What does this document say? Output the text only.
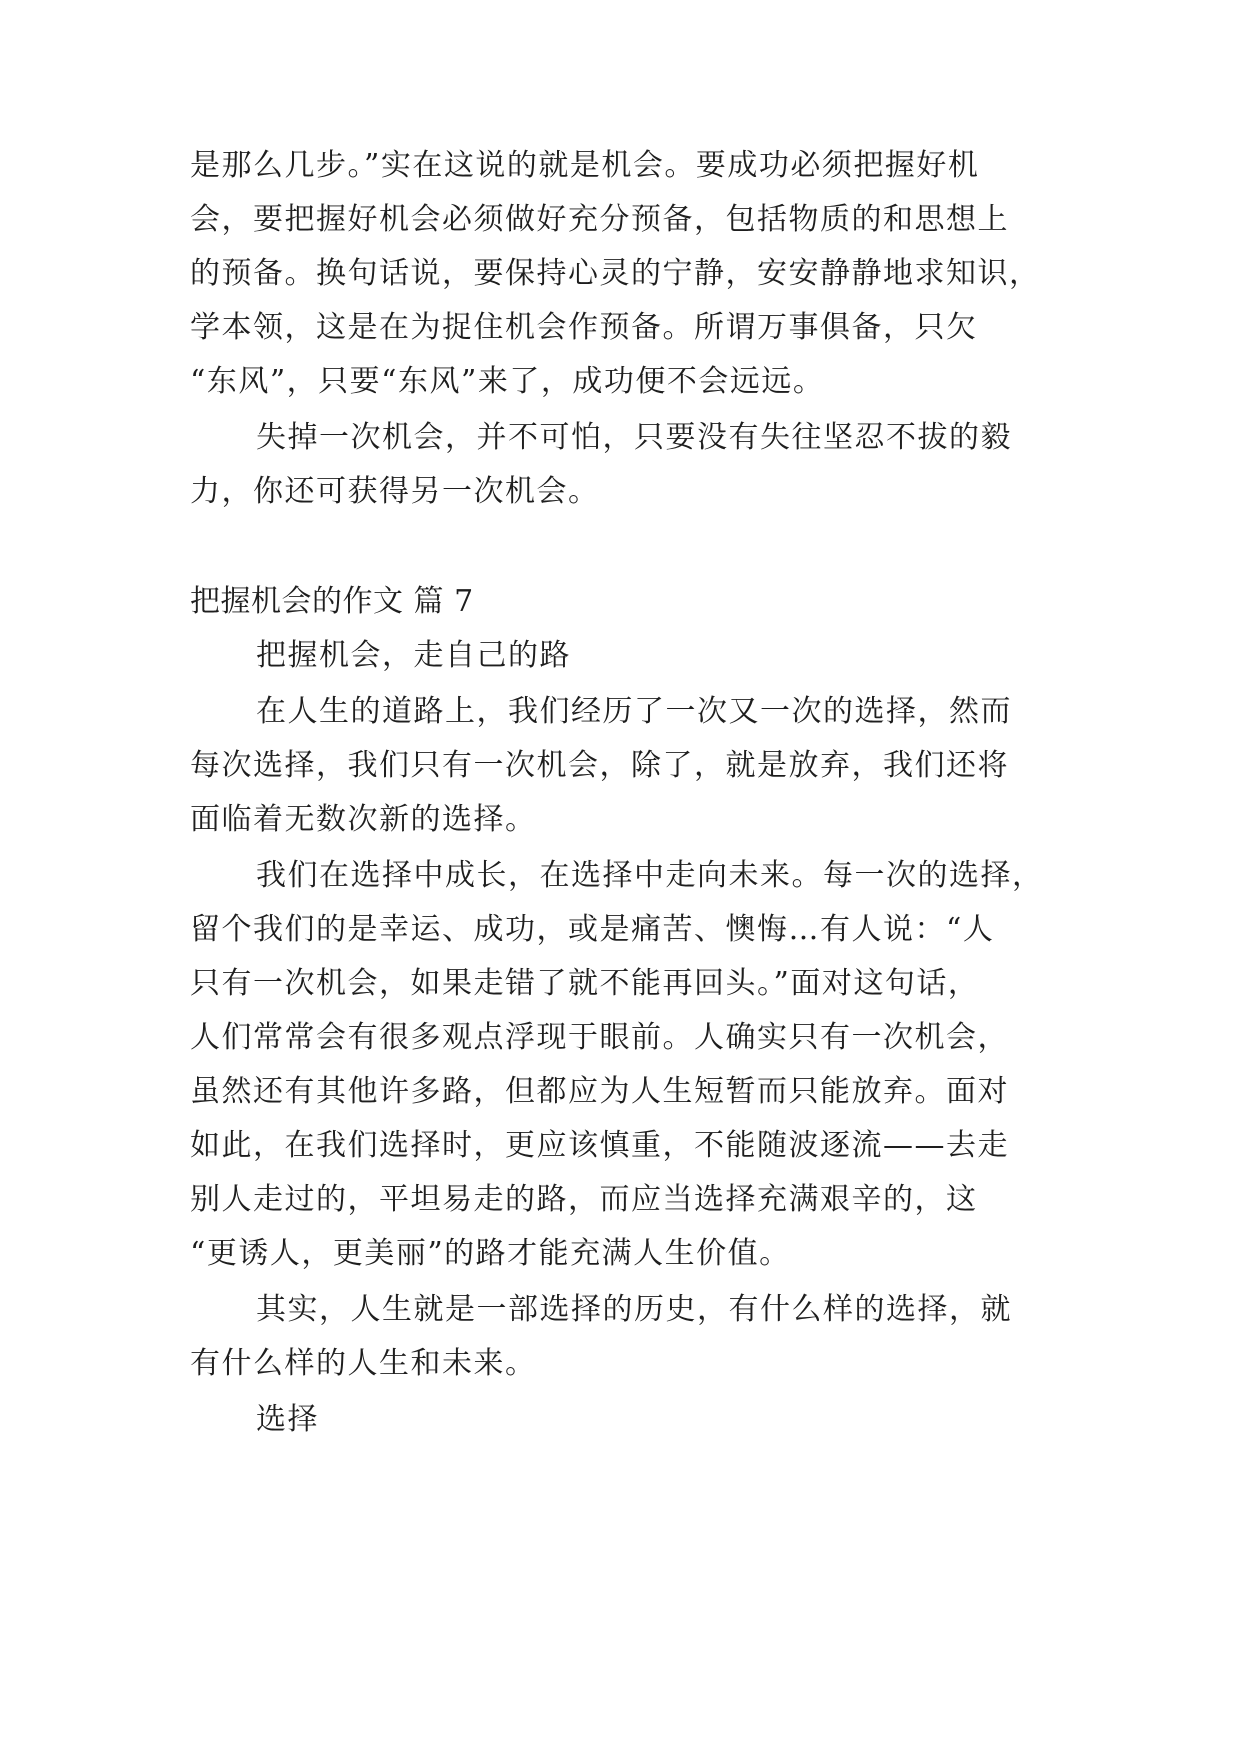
是那么几步。”实在这说的就是机会。要成功必须把握好机
会，要把握好机会必须做好充分预备，包括物质的和思想上
的预备。换句话说，要保持心灵的宁静，安安静静地求知识，
学本领，这是在为捉住机会作预备。所谓万事俱备，只欠
“东风”，只要“东风”来了，成功便不会远远。
失掉一次机会，并不可怕，只要没有失往坚忍不拔的毅
力，你还可获得另一次机会。
把握机会的作文 篇 7
把握机会，走自己的路
在人生的道路上，我们经历了一次又一次的选择，然而
每次选择，我们只有一次机会，除了，就是放弃，我们还将
面临着无数次新的选择。
我们在选择中成长，在选择中走向未来。每一次的选择，
留个我们的是幸运、成功，或是痛苦、懊悔…有人说：“人
只有一次机会，如果走错了就不能再回头。”面对这句话，
人们常常会有很多观点浮现于眼前。人确实只有一次机会，
虽然还有其他许多路，但都应为人生短暂而只能放弃。面对
如此，在我们选择时，更应该慎重，不能随波逐流——去走
别人走过的，平坦易走的路，而应当选择充满艰辛的，这
“更诱人，更美丽”的路才能充满人生价值。
其实，人生就是一部选择的历史，有什么样的选择，就
有什么样的人生和未来。
选择
